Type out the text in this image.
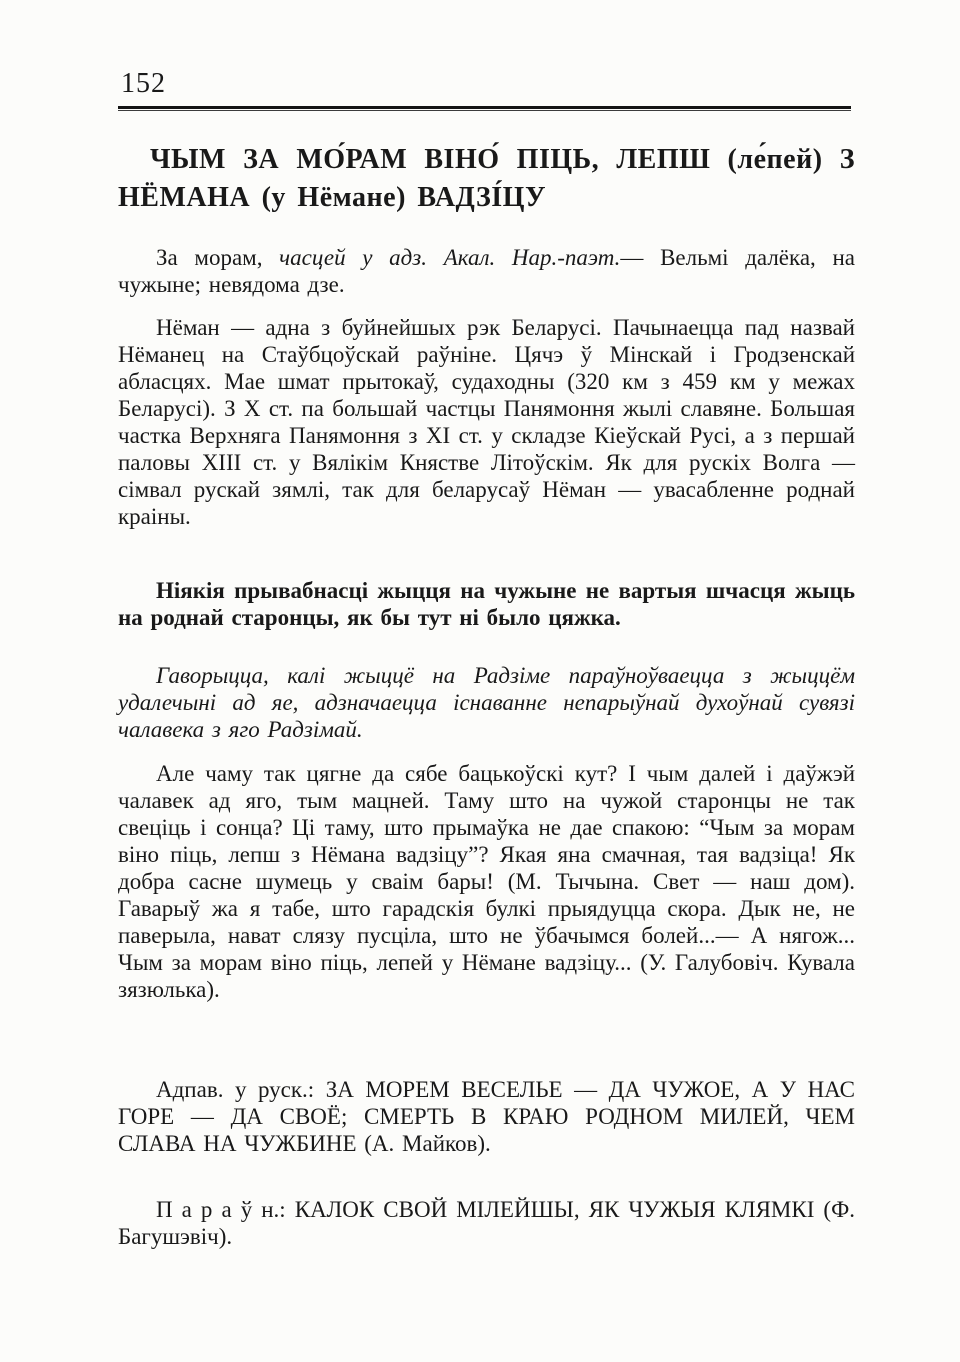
152
ЧЫМ ЗА МО́РАМ ВІНО́ ПІЦЬ, ЛЕПШ (ле́пей) З
НЁМАНА (у Нёмане) ВАДЗІ́ЦУ

За морам, часцей у адз. Акал. Нар.-паэт.— Вельмі далёка, на чужыне; невядома дзе.

Нёман — адна з буйнейшых рэк Беларусі. Пачынаецца пад назвай Нёманец на Стаўбцоўскай раўніне. Цячэ ў Мінскай і Гродзенскай абласцях. Мае шмат прытокаў, судаходны (320 км з 459 км у межах Беларусі). З X ст. па большай частцы Панямоння жылі славяне. Большая частка Верхняга Панямоння з XI ст. у складзе Кіеўскай Русі, а з першай паловы XIII ст. у Вялікім Княстве Літоўскім. Як для рускіх Волга — сімвал рускай зямлі, так для беларусаў Нёман — увасабленне роднай краіны.

Ніякія прывабнасці жыцця на чужыне не вартыя шчасця жыць на роднай старонцы, як бы тут ні было цяжка.

Гаворыцца, калі жыццё на Радзіме параўноўваецца з жыццём удалечыні ад яе, адзначаецца існаванне непарыўнай духоўнай сувязі чалавека з яго Радзімай.

Але чаму так цягне да сябе бацькоўскі кут? І чым далей і даўжэй чалавек ад яго, тым мацней. Таму што на чужой старонцы не так свеціць і сонца? Ці таму, што прымаўка не дае спакою: “Чым за морам віно піць, лепш з Нёмана вадзіцу”? Якая яна смачная, тая вадзіца! Як добра сасне шумець у сваім бары! (М. Тычына. Свет — наш дом). Гаварыў жа я табе, што гарадскія булкі прыядуцца скора. Дык не, не паверыла, нават слязу пусціла, што не ўбачымся болей...— А нягож... Чым за морам віно піць, лепей у Нёмане вадзіцу... (У. Галубовіч. Кувала зязюлька).

Адпав. у руск.: ЗА МОРЕМ ВЕСЕЛЬЕ — ДА ЧУЖОЕ, А У НАС ГОРЕ — ДА СВОЁ; СМЕРТЬ В КРАЮ РОДНОМ МИЛЕЙ, ЧЕМ СЛАВА НА ЧУЖБИНЕ (А. Майков).

П а р а ў н.: КАЛОК СВОЙ МІЛЕЙШЫ, ЯК ЧУЖЫЯ КЛЯМКІ (Ф. Багушэвіч).
